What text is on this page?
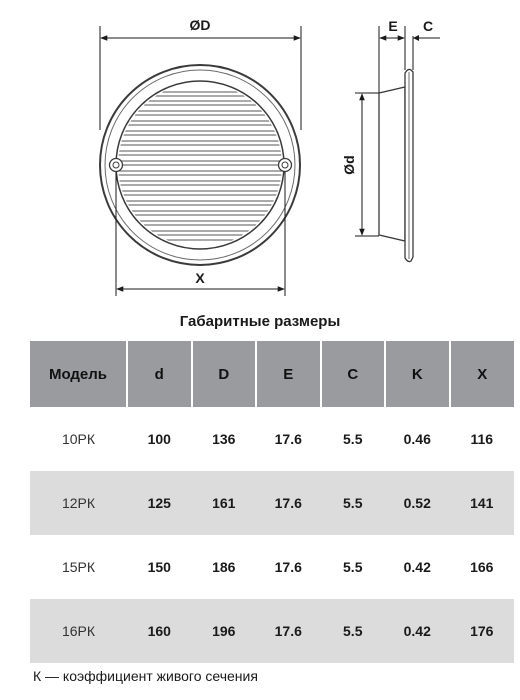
ØD
X
E C
Ød
Габаритные размеры
Модель	d	D	E	C	K	X
10РК	100	136	17.6	5.5	0.46	116
12РК	125	161	17.6	5.5	0.52	141
15РК	150	186	17.6	5.5	0.42	166
16РК	160	196	17.6	5.5	0.42	176
К — коэффициент живого сечения
